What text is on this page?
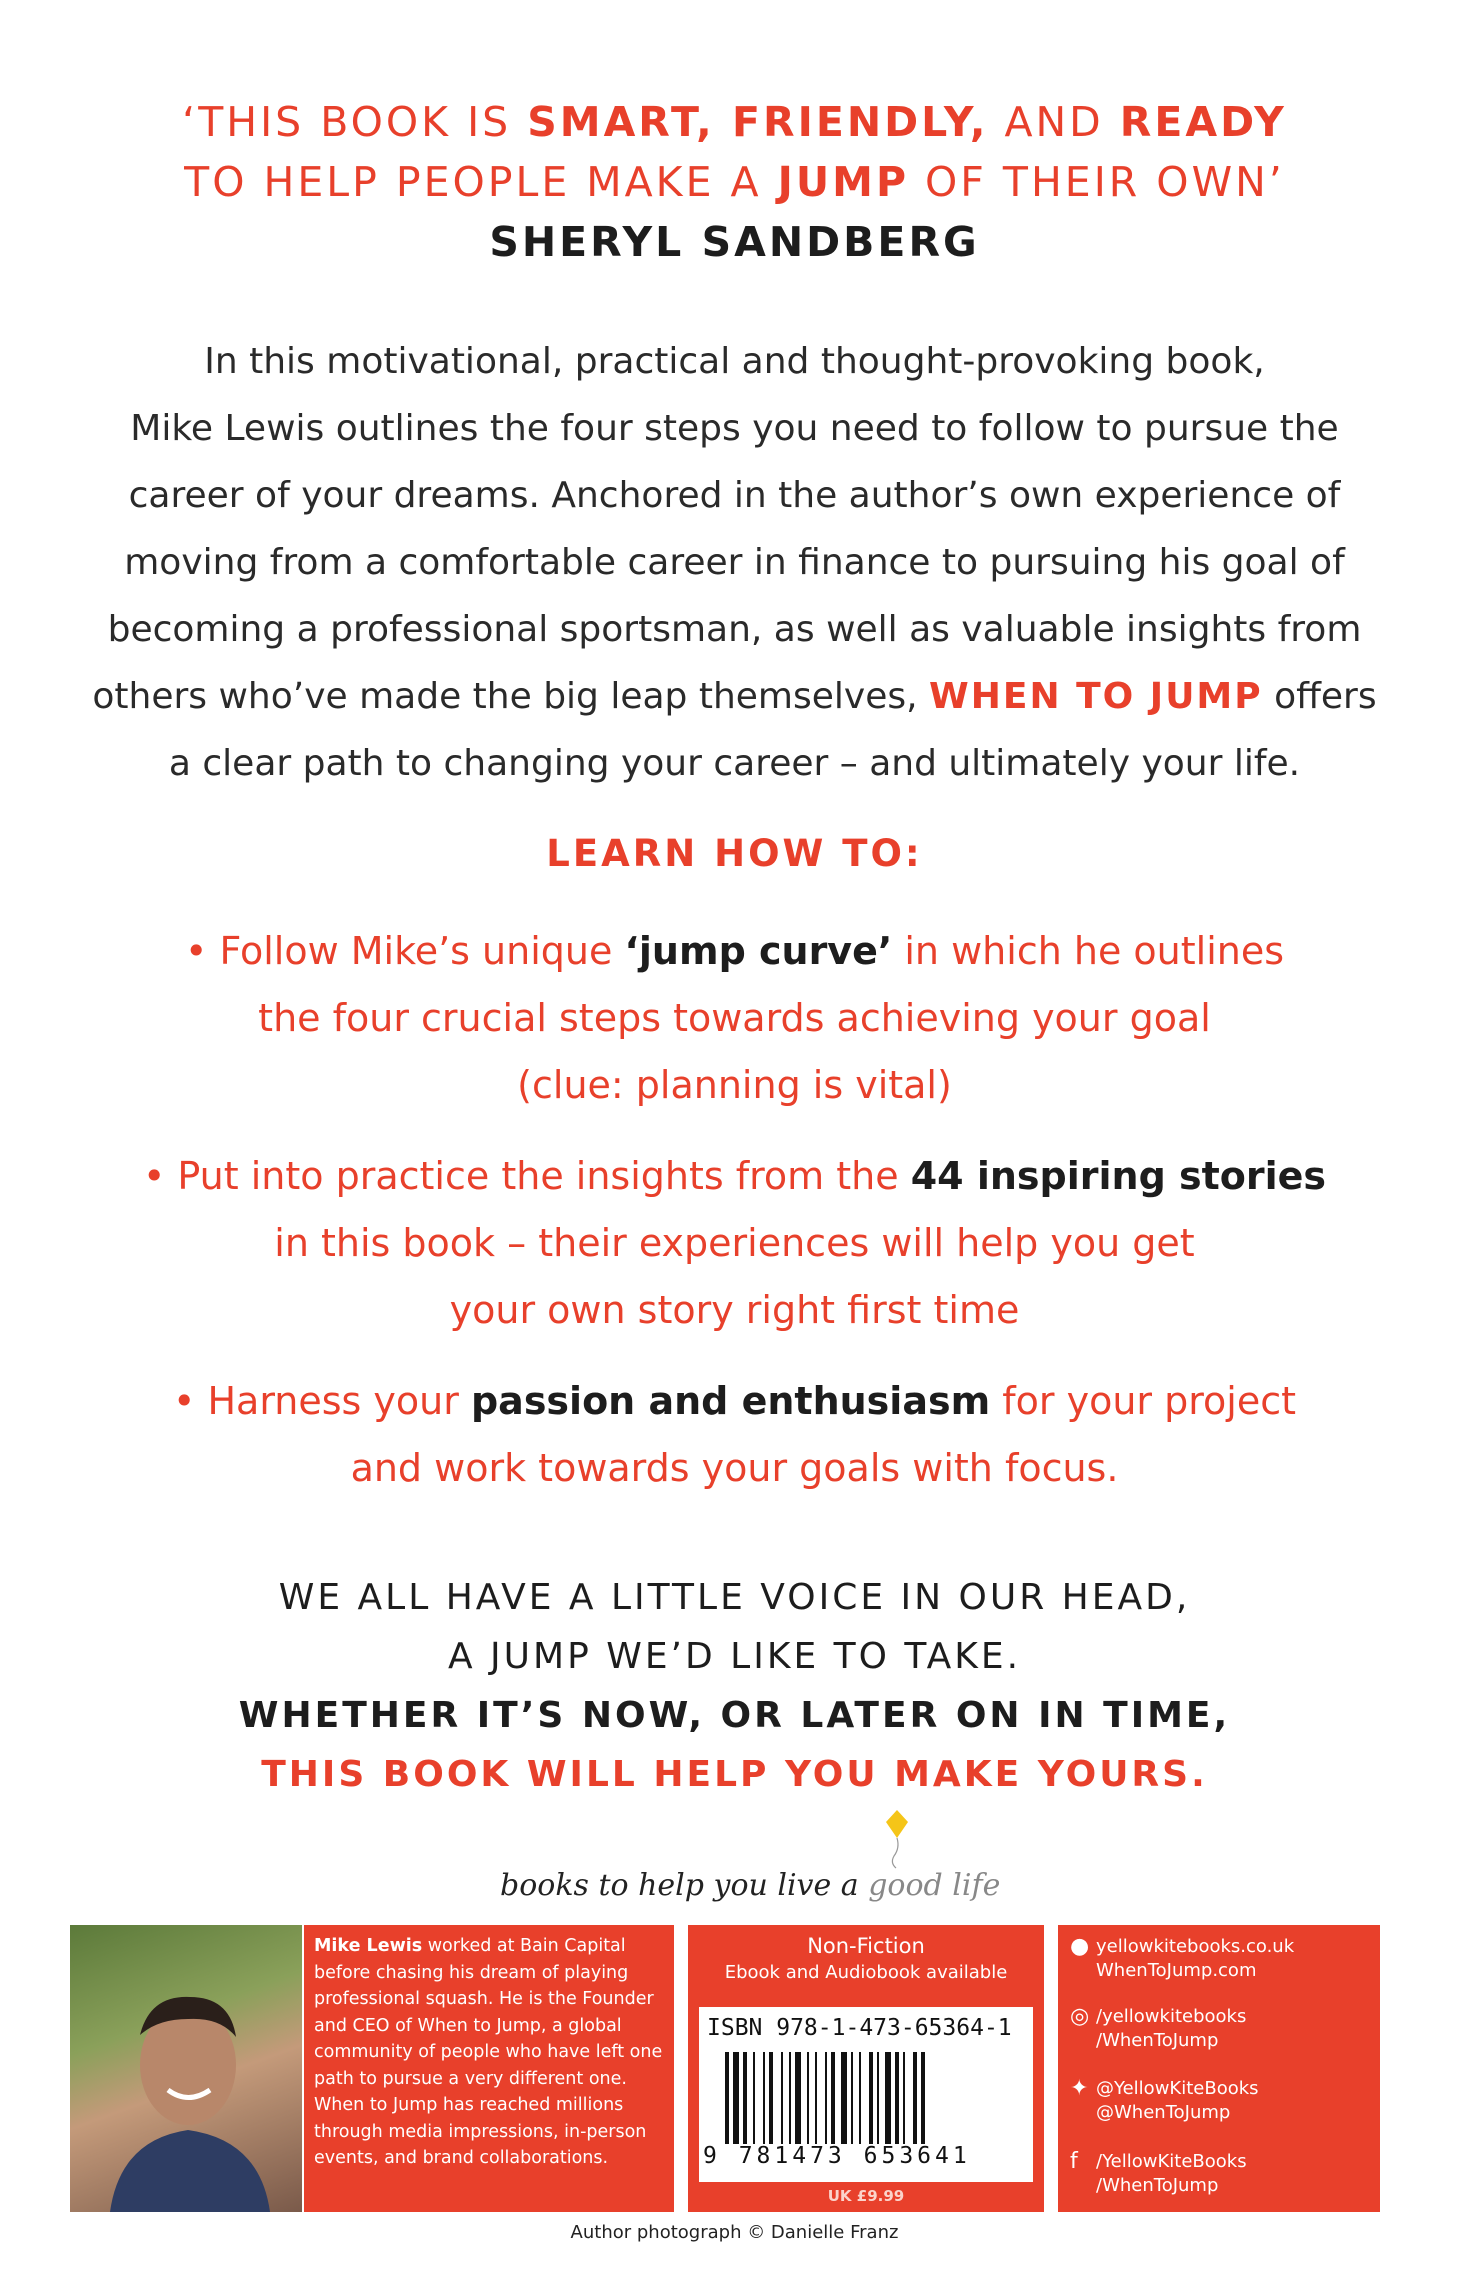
‘THIS BOOK IS SMART, FRIENDLY, AND READY
TO HELP PEOPLE MAKE A JUMP OF THEIR OWN’
SHERYL SANDBERG
In this motivational, practical and thought-provoking book,
Mike Lewis outlines the four steps you need to follow to pursue the
career of your dreams. Anchored in the author’s own experience of
moving from a comfortable career in finance to pursuing his goal of
becoming a professional sportsman, as well as valuable insights from
others who’ve made the big leap themselves, WHEN TO JUMP offers
a clear path to changing your career – and ultimately your life.
LEARN HOW TO:
• Follow Mike’s unique ‘jump curve’ in which he outlines
the four crucial steps towards achieving your goal
(clue: planning is vital)
• Put into practice the insights from the 44 inspiring stories
in this book – their experiences will help you get
your own story right first time
• Harness your passion and enthusiasm for your project
and work towards your goals with focus.
WE ALL HAVE A LITTLE VOICE IN OUR HEAD,
A JUMP WE’D LIKE TO TAKE.
WHETHER IT’S NOW, OR LATER ON IN TIME,
THIS BOOK WILL HELP YOU MAKE YOURS.
books to help you live a good life
Mike Lewis worked at Bain Capital before chasing his dream of playing professional squash. He is the Founder and CEO of When to Jump, a global community of people who have left one path to pursue a very different one. When to Jump has reached millions through media impressions, in-person events, and brand collaborations.
Non-Fiction
Ebook and Audiobook available
ISBN 978-1-473-65364-1
9 781473 653641
UK £9.99
● yellowkitebooks.co.uk
WhenToJump.com
◎ /yellowkitebooks
/WhenToJump
✦ @YellowKiteBooks
@WhenToJump
f /YellowKiteBooks
/WhenToJump
Author photograph © Danielle Franz
